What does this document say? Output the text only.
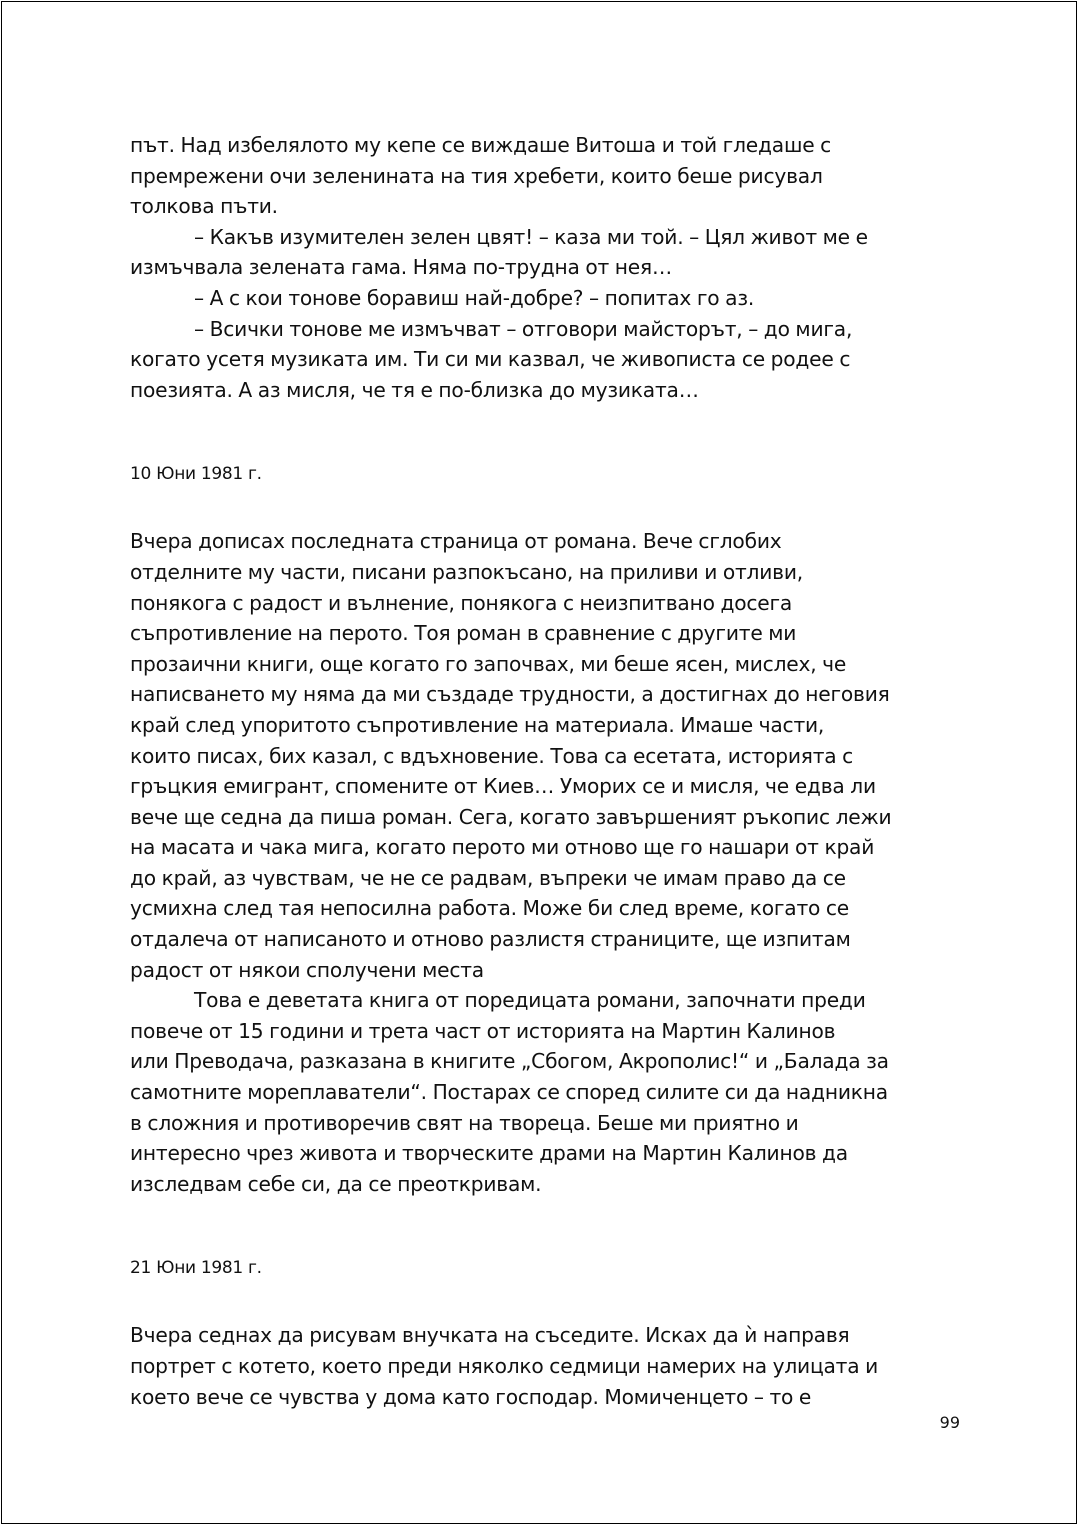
път. Над избелялото му кепе се виждаше Витоша и той гледаше с
премрежени очи зеленината на тия хребети, които беше рисувал
толкова пъти.
– Какъв изумителен зелен цвят! – каза ми той. – Цял живот ме е
измъчвала зелената гама. Няма по-трудна от нея…
– А с кои тонове боравиш най-добре? – попитах го аз.
– Всички тонове ме измъчват – отговори майсторът, – до мига,
когато усетя музиката им. Ти си ми казвал, че живописта се родее с
поезията. А аз мисля, че тя е по-близка до музиката…

10 Юни 1981 г.

Вчера дописах последната страница от романа. Вече сглобих
отделните му части, писани разпокъсано, на приливи и отливи,
понякога с радост и вълнение, понякога с неизпитвано досега
съпротивление на перото. Тоя роман в сравнение с другите ми
прозаични книги, още когато го започвах, ми беше ясен, мислех, че
написването му няма да ми създаде трудности, а достигнах до неговия
край след упоритото съпротивление на материала. Имаше части,
които писах, бих казал, с вдъхновение. Това са есетата, историята с
гръцкия емигрант, спомените от Киев… Уморих се и мисля, че едва ли
вече ще седна да пиша роман. Сега, когато завършеният ръкопис лежи
на масата и чака мига, когато перото ми отново ще го нашари от край
до край, аз чувствам, че не се радвам, въпреки че имам право да се
усмихна след тая непосилна работа. Може би след време, когато се
отдалеча от написаното и отново разлистя страниците, ще изпитам
радост от някои сполучени места
Това е деветата книга от поредицата романи, започнати преди
повече от 15 години и трета част от историята на Мартин Калинов
или Преводача, разказана в книгите „Сбогом, Акрополис!“ и „Балада за
самотните мореплаватели“. Постарах се според силите си да надникна
в сложния и противоречив свят на твореца. Беше ми приятно и
интересно чрез живота и творческите драми на Мартин Калинов да
изследвам себе си, да се преоткривам.

21 Юни 1981 г.

Вчера седнах да рисувам внучката на съседите. Исках да ѝ направя
портрет с котето, което преди няколко седмици намерих на улицата и
което вече се чувства у дома като господар. Момиченцето – то е
99
